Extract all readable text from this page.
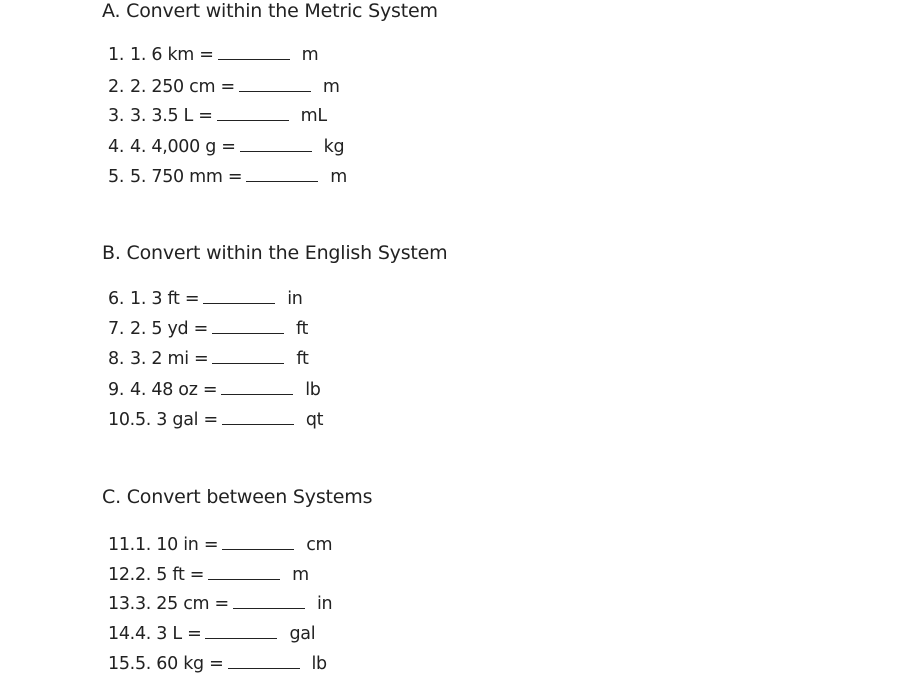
A. Convert within the Metric System
1. 1. 6 km =	m
2. 2. 250 cm =	m
3. 3. 3.5 L =	mL
4. 4. 4,000 g =	kg
5. 5. 750 mm =	m
B. Convert within the English System
6. 1. 3 ft =	in
7. 2. 5 yd =	ft
8. 3. 2 mi =	ft
9. 4. 48 oz =	lb
10. 5. 3 gal =	qt
C. Convert between Systems
11. 1. 10 in =	cm
12. 2. 5 ft =	m
13. 3. 25 cm =	in
14. 4. 3 L =	gal
15. 5. 60 kg =	lb
